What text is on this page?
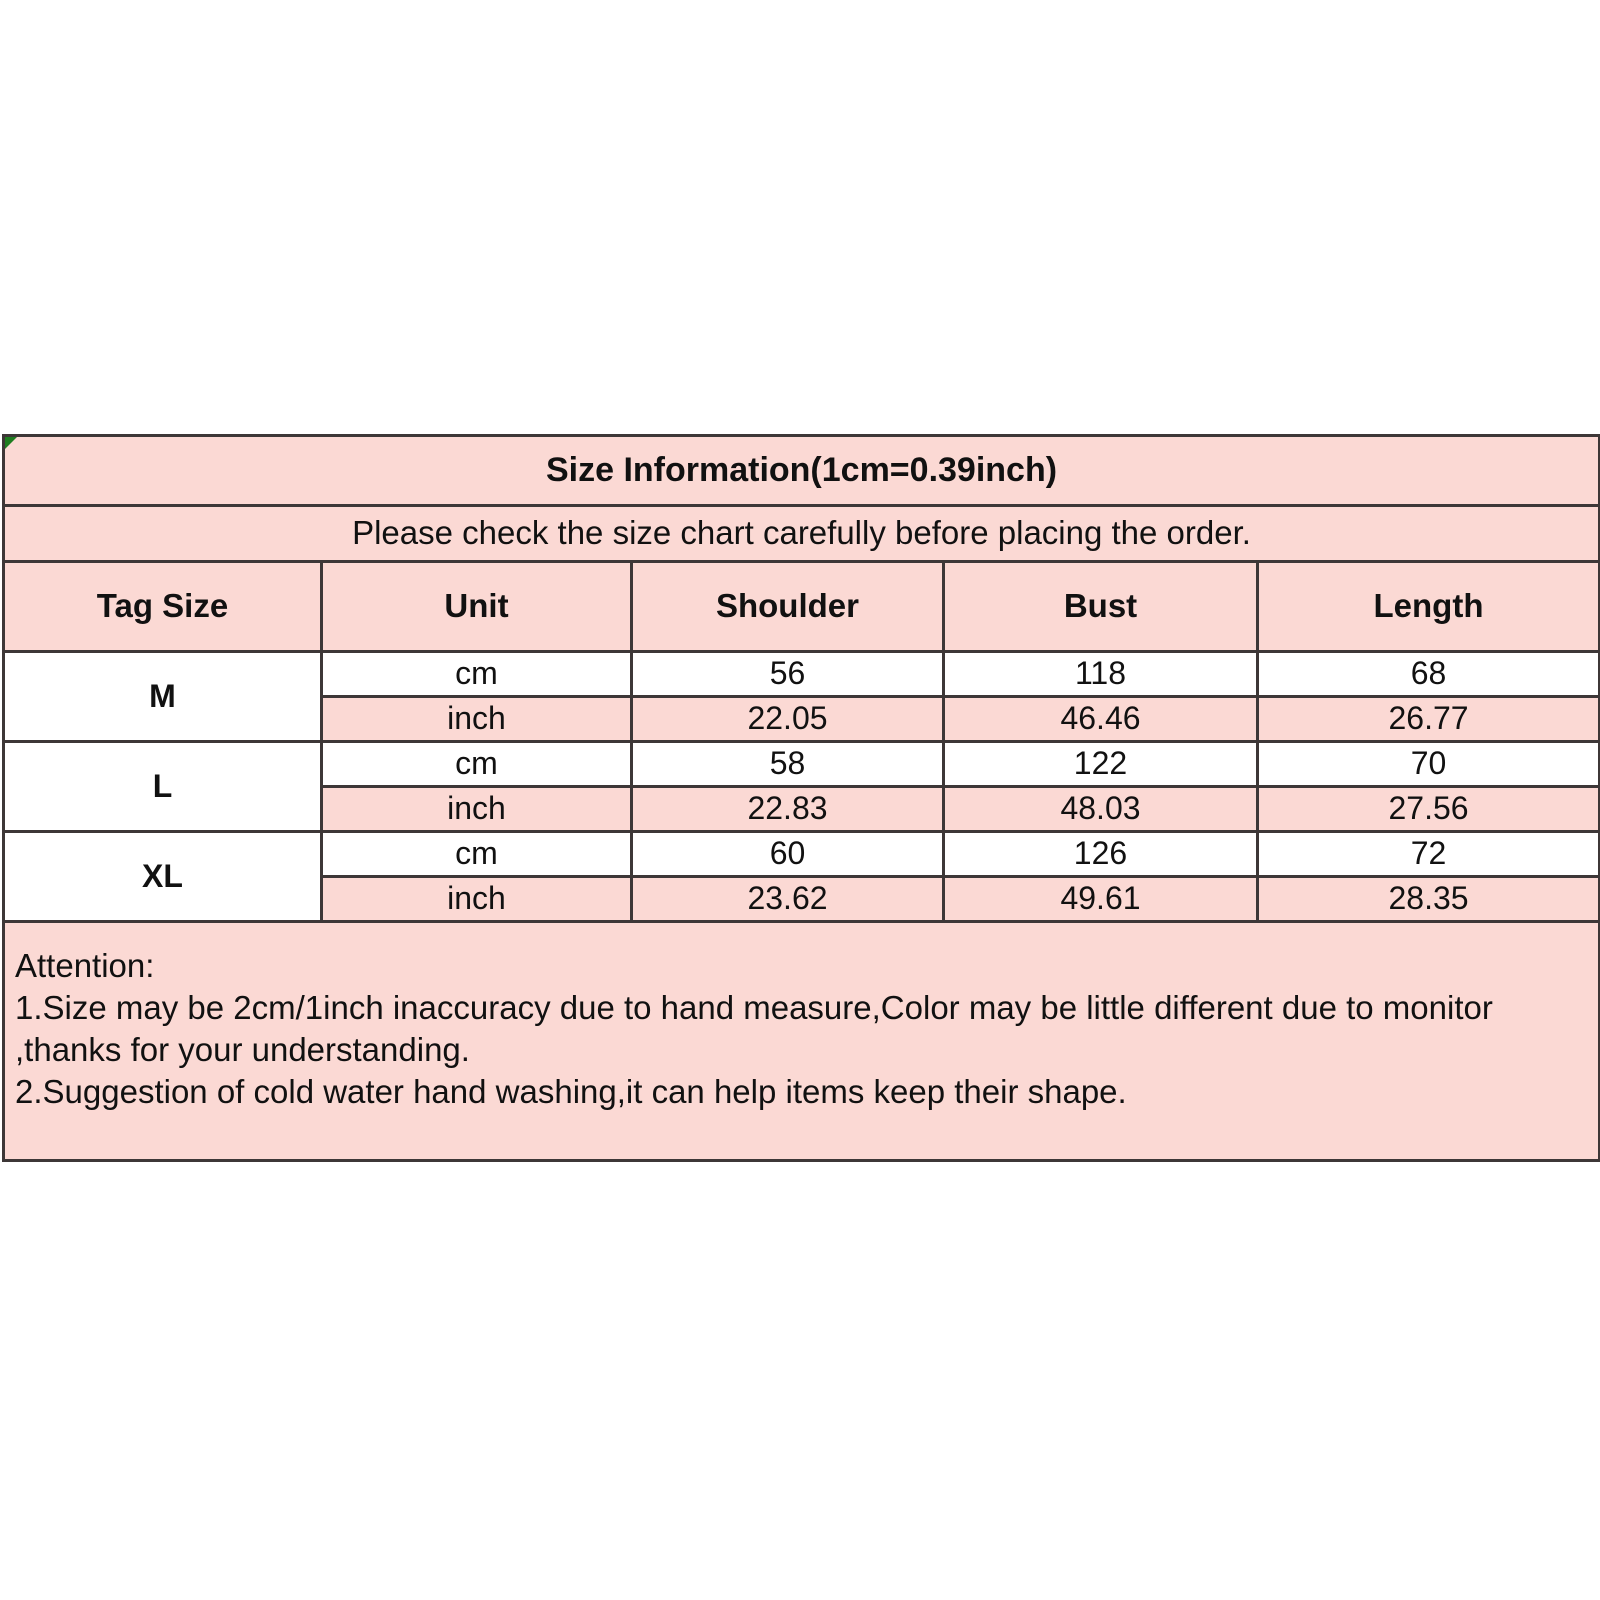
Size Information(1cm=0.39inch)				
Please check the size chart carefully before placing the order.				
Tag Size	Unit	Shoulder	Bust	Length
M	cm	56	118	68
	inch	22.05	46.46	26.77
L	cm	58	122	70
	inch	22.83	48.03	27.56
XL	cm	60	126	72
	inch	23.62	49.61	28.35

Attention:
1.Size may be 2cm/1inch inaccuracy due to hand measure,Color may be little different due to monitor
,thanks for your understanding.
2.Suggestion of cold water hand washing,it can help items keep their shape.				
